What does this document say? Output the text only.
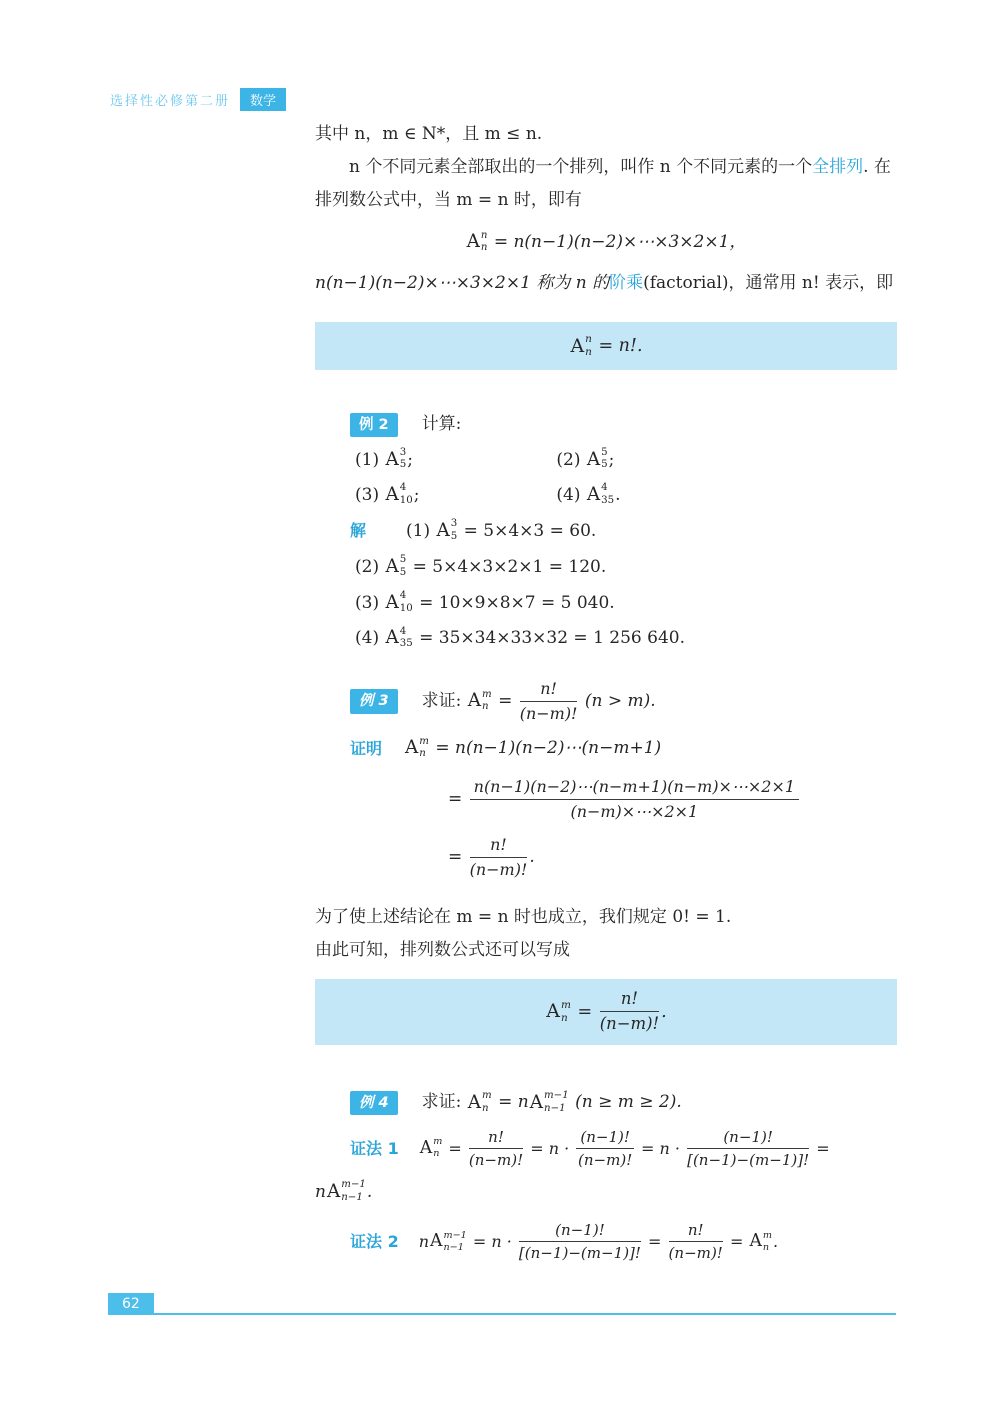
选择性必修第二册	数学

其中 n，m ∈ N*，且 m ≤ n.

n 个不同元素全部取出的一个排列，叫作 n 个不同元素的一个全排列. 在排列数公式中，当 m = n 时，即有

A n
n = n(n−1)(n−2)×⋯×3×2×1，

n(n−1)(n−2)×⋯×3×2×1 称为 n 的阶乘(factorial)，通常用 n! 表示，即

A n
n = n!.
例 2	计算:
(1) A 3
5 ;	(2) A 5
5 ;
(3) A 4
10 ;	(4) A 4
35 .
解 (1) A 3
5 = 5×4×3 = 60.
(2) A 5
5 = 5×4×3×2×1 = 120.
(3) A 4
10 = 10×9×8×7 = 5 040.
(4) A 4
35 = 35×34×33×32 = 1 256 640.
例 3	求证: A m
$n = \frac{n!}{(n-m)!} (n > m)$.
证明 A m
n = n(n−1)(n−2)⋯(n−m+1)
= $\frac{n(n-1)(n-2)\cdots(n-m+1)(n-m)\times\cdots\times 2\times 1}{(n-m)\times\cdots\times 2\times 1}$
= $\frac{n!}{(n-m)!}$ .

为了使上述结论在 m = n 时也成立，我们规定 0! = 1.

由此可知，排列数公式还可以写成

A m
$n = \frac{n!}{(n-m)!}$ .
例 4	求证: A m
n = n A m−1
n−1 (n ≥ m ≥ 2).
证法 1 A m
$n = \frac{n!}{(n-m)!} = n \cdot \frac{(n-1)!}{(n-m)!} = n \cdot \frac{(n-1)!}{[(n-1)-(m-1)]!}$ =
n A m−1
n−1 .
证法 2 n A m−1
$n-1 = n \cdot \frac{(n-1)!}{[(n-1)-(m-1)]!} = \frac{n!}{(n-m)!} = A$ m
n .
62
